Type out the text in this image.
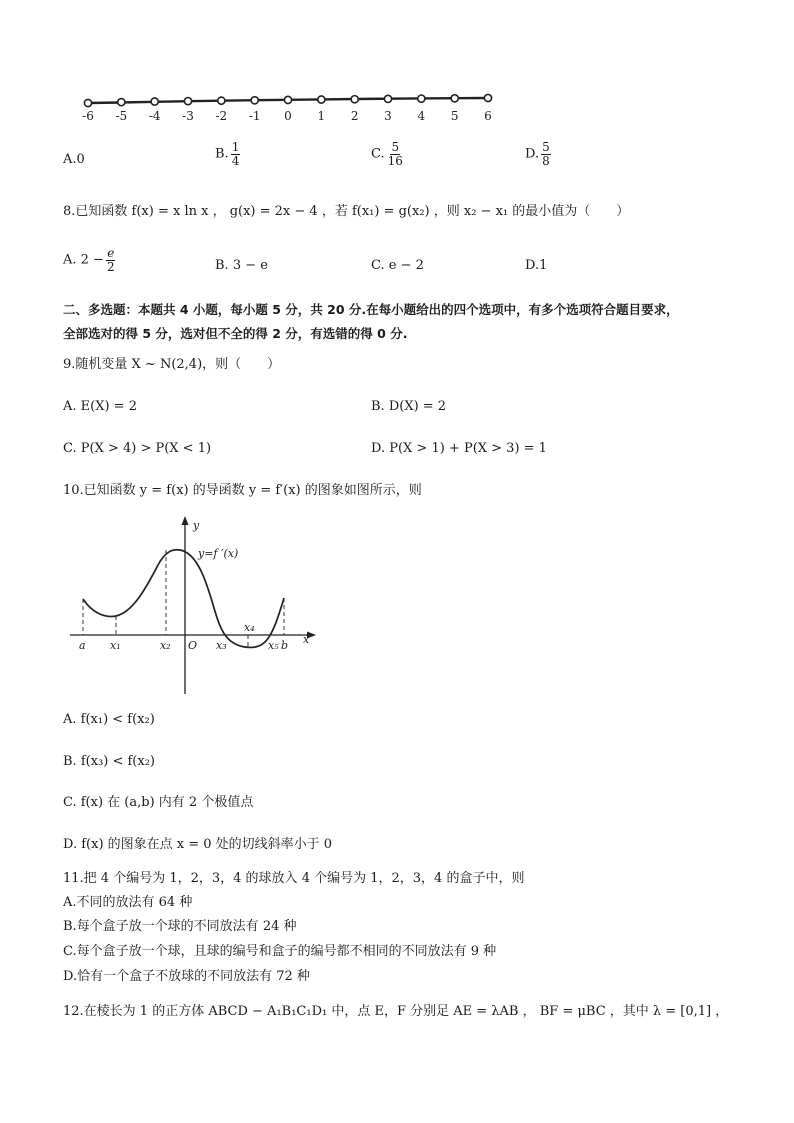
-6 -5 -4 -3 -2 -1 0 1 2 3 4 5 6
A.0	B. $\frac{1}{4}$	C. $\frac{5}{16}$	D. $\frac{5}{8}$
8.已知函数 f(x) = x ln x ， g(x) = 2x − 4 ，若 f(x₁) = g(x₂) ，则 x₂ − x₁ 的最小值为（　　）
A. $2 - \frac{e}{2}$	B. 3 − e	C. e − 2	D.1
二、多选题：本题共 4 小题，每小题 5 分，共 20 分.在每小题给出的四个选项中，有多个选项符合题目要求，
全部选对的得 5 分，选对但不全的得 2 分，有选错的得 0 分.
9.随机变量 X ~ N(2,4)，则（　　）
A. E(X) = 2	B. D(X) = 2
C. P(X > 4) > P(X < 1)	D. P(X > 1) + P(X > 3) = 1
10.已知函数 y = f(x) 的导函数 y = f′(x) 的图象如图所示，则
y
y=f ′(x)
x
a x₁	x₂ O x₃
x₄
x₅ b
A. f(x₁) < f(x₂)
B. f(x₃) < f(x₂)
C. f(x) 在 (a,b) 内有 2 个极值点
D. f(x) 的图象在点 x = 0 处的切线斜率小于 0
11.把 4 个编号为 1，2，3，4 的球放入 4 个编号为 1，2，3，4 的盒子中，则
A.不同的放法有 64 种
B.每个盒子放一个球的不同放法有 24 种
C.每个盒子放一个球，且球的编号和盒子的编号都不相同的不同放法有 9 种
D.恰有一个盒子不放球的不同放法有 72 种
12.在棱长为 1 的正方体 ABCD − A₁B₁C₁D₁ 中，点 E，F 分别足 AE = λAB ， BF = μBC ，其中 λ = [0,1] ，
